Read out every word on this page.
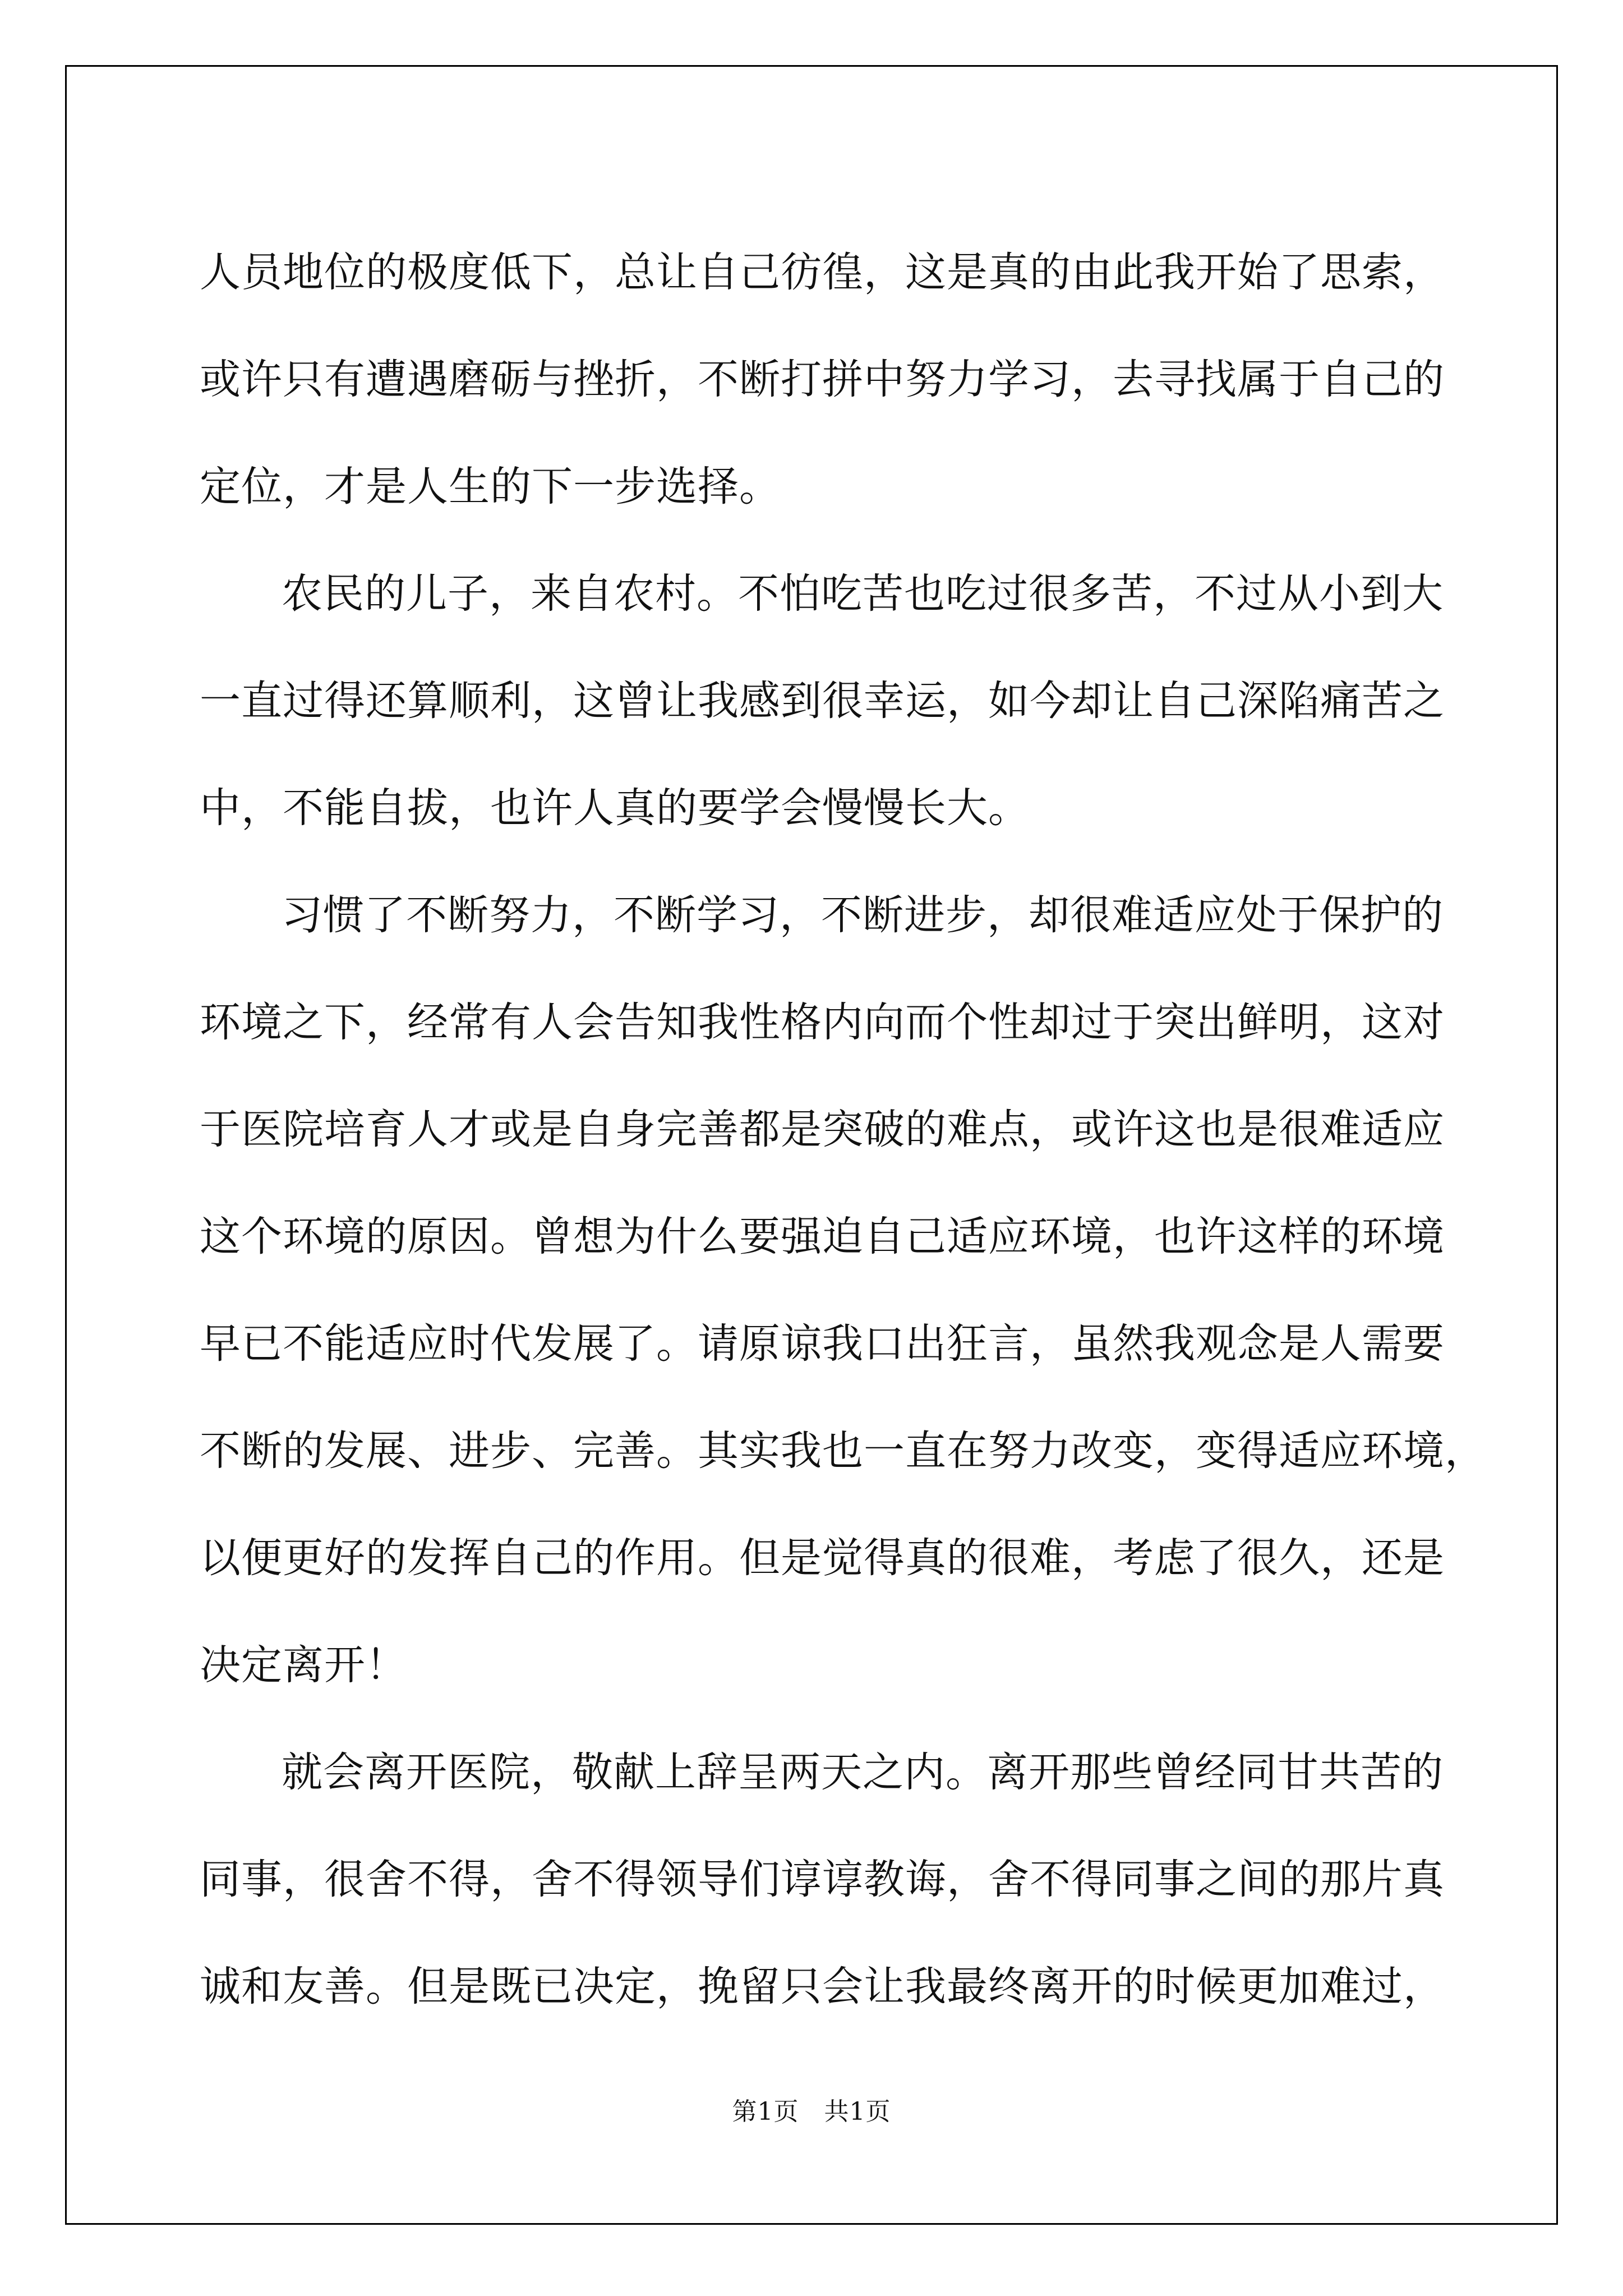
人员地位的极度低下，总让自己彷徨，这是真的由此我开始了思索，
或许只有遭遇磨砺与挫折，不断打拼中努力学习，去寻找属于自己的
定位，才是人生的下一步选择。
农民的儿子，来自农村。不怕吃苦也吃过很多苦，不过从小到大
一直过得还算顺利，这曾让我感到很幸运，如今却让自己深陷痛苦之
中，不能自拔，也许人真的要学会慢慢长大。
习惯了不断努力，不断学习，不断进步，却很难适应处于保护的
环境之下，经常有人会告知我性格内向而个性却过于突出鲜明，这对
于医院培育人才或是自身完善都是突破的难点，或许这也是很难适应
这个环境的原因。曾想为什么要强迫自己适应环境，也许这样的环境
早已不能适应时代发展了。请原谅我口出狂言，虽然我观念是人需要
不断的发展、进步、完善。其实我也一直在努力改变，变得适应环境，
以便更好的发挥自己的作用。但是觉得真的很难，考虑了很久，还是
决定离开！
就会离开医院，敬献上辞呈两天之内。离开那些曾经同甘共苦的
同事，很舍不得，舍不得领导们谆谆教诲，舍不得同事之间的那片真
诚和友善。但是既已决定，挽留只会让我最终离开的时候更加难过，
第1页　共1页
